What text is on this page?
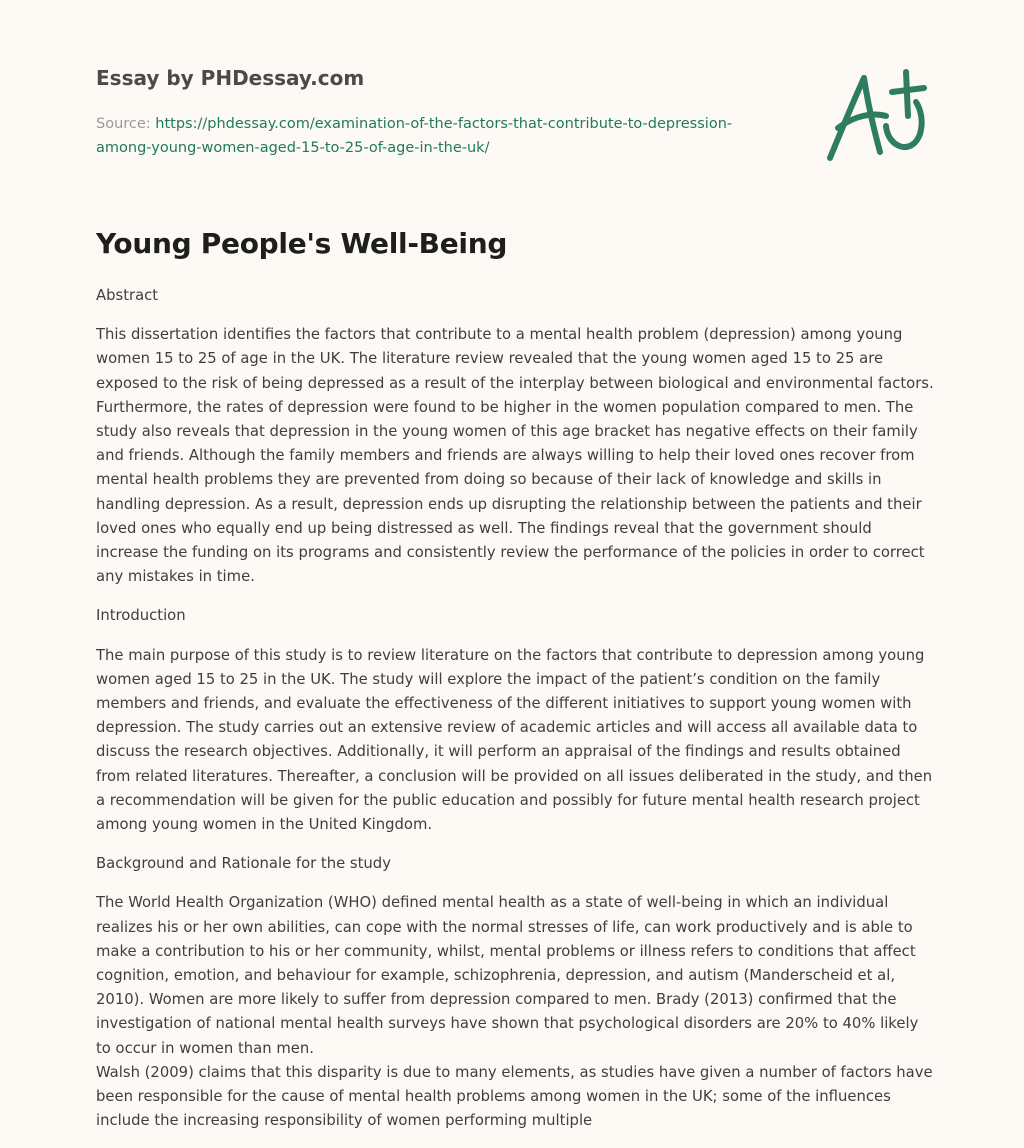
Essay by PHDessay.com
Source: https://phdessay.com/examination-of-the-factors-that-contribute-to-depression-
among-young-women-aged-15-to-25-of-age-in-the-uk/
Young People's Well-Being

Abstract

This dissertation identifies the factors that contribute to a mental health problem (depression) among young women 15 to 25 of age in the UK. The literature review revealed that the young women aged 15 to 25 are exposed to the risk of being depressed as a result of the interplay between biological and environmental factors. Furthermore, the rates of depression were found to be higher in the women population compared to men. The study also reveals that depression in the young women of this age bracket has negative effects on their family and friends. Although the family members and friends are always willing to help their loved ones recover from mental health problems they are prevented from doing so because of their lack of knowledge and skills in handling depression. As a result, depression ends up disrupting the relationship between the patients and their loved ones who equally end up being distressed as well. The findings reveal that the government should increase the funding on its programs and consistently review the performance of the policies in order to correct any mistakes in time.

Introduction

The main purpose of this study is to review literature on the factors that contribute to depression among young women aged 15 to 25 in the UK. The study will explore the impact of the patient’s condition on the family members and friends, and evaluate the effectiveness of the different initiatives to support young women with depression. The study carries out an extensive review of academic articles and will access all available data to discuss the research objectives. Additionally, it will perform an appraisal of the findings and results obtained from related literatures. Thereafter, a conclusion will be provided on all issues deliberated in the study, and then a recommendation will be given for the public education and possibly for future mental health research project among young women in the United Kingdom.

Background and Rationale for the study

The World Health Organization (WHO) defined mental health as a state of well-being in which an individual realizes his or her own abilities, can cope with the normal stresses of life, can work productively and is able to make a contribution to his or her community, whilst, mental problems or illness refers to conditions that affect cognition, emotion, and behaviour for example, schizophrenia, depression, and autism (Manderscheid et al, 2010). Women are more likely to suffer from depression compared to men. Brady (2013) confirmed that the investigation of national mental health surveys have shown that psychological disorders are 20% to 40% likely to occur in women than men.

Walsh (2009) claims that this disparity is due to many elements, as studies have given a number of factors have been responsible for the cause of mental health problems among women in the UK; some of the influences include the increasing responsibility of women performing multiple
